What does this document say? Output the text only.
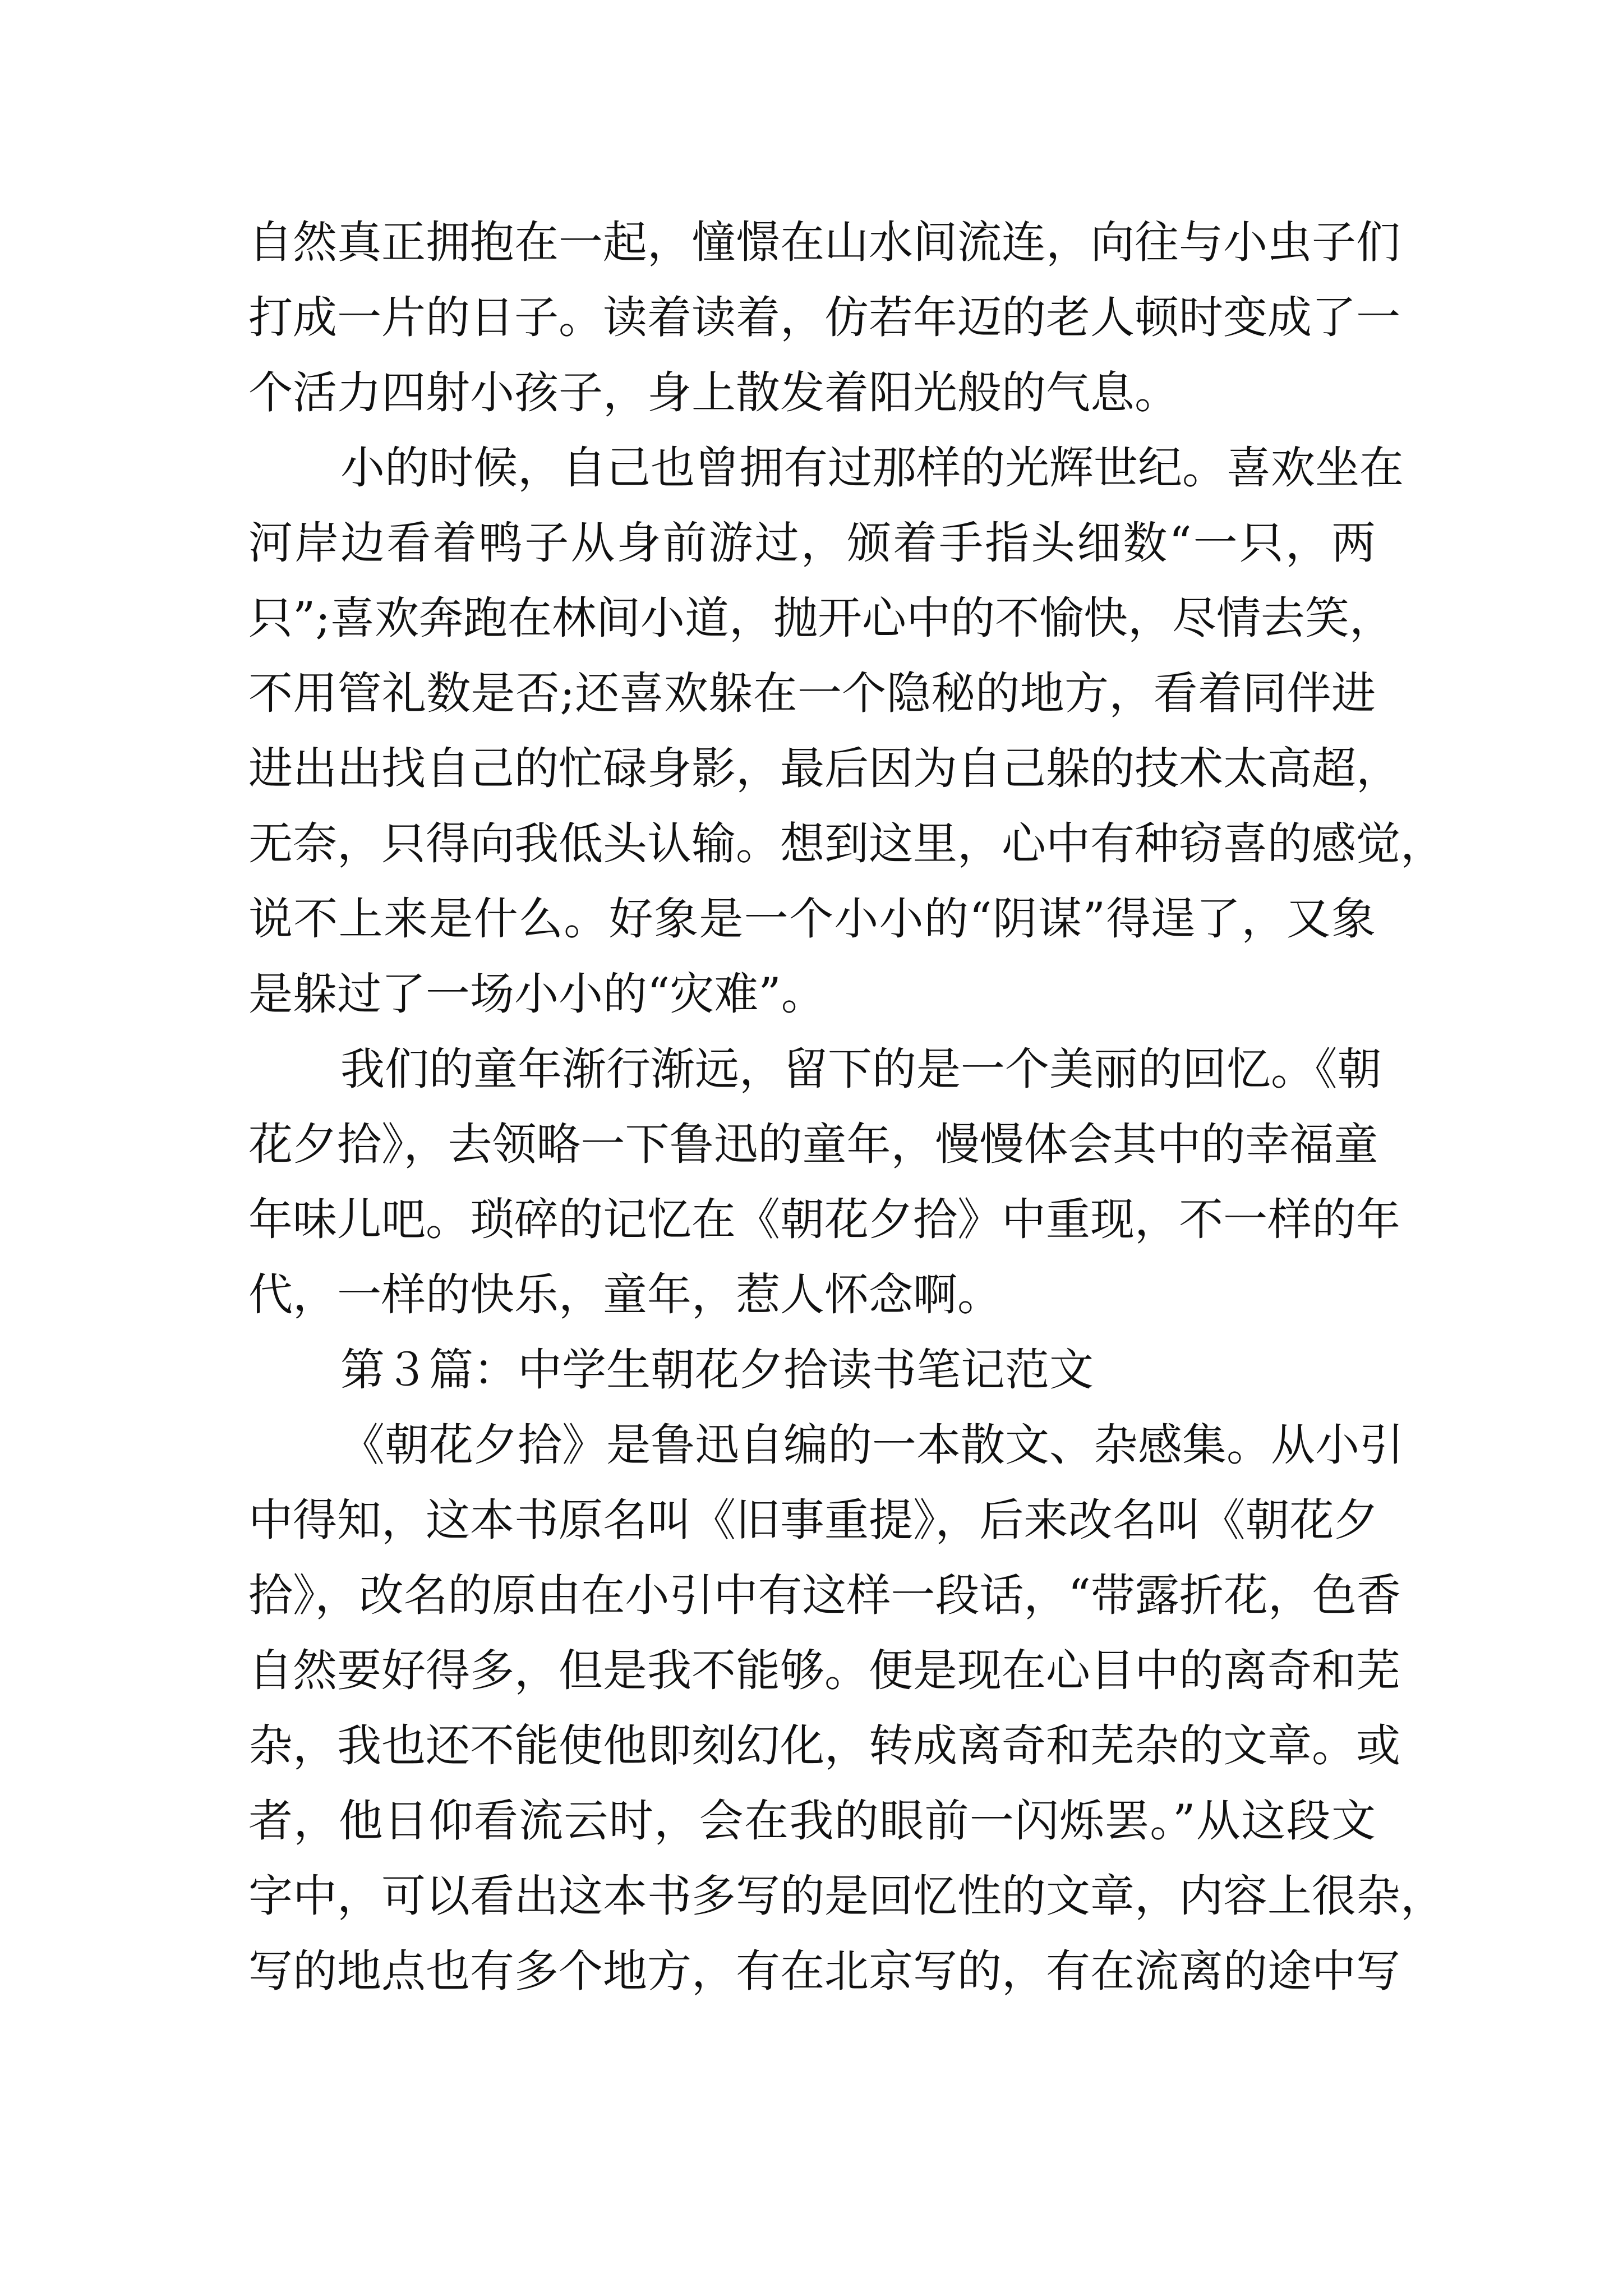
自然真正拥抱在一起，憧憬在山水间流连，向往与小虫子们
打成一片的日子。读着读着，仿若年迈的老人顿时变成了一
个活力四射小孩子，身上散发着阳光般的气息。
小的时候，自己也曾拥有过那样的光辉世纪。喜欢坐在
河岸边看着鸭子从身前游过，颁着手指头细数“一只，两
只”;喜欢奔跑在林间小道，抛开心中的不愉快，尽情去笑，
不用管礼数是否;还喜欢躲在一个隐秘的地方，看着同伴进
进出出找自己的忙碌身影，最后因为自己躲的技术太高超，
无奈，只得向我低头认输。想到这里，心中有种窃喜的感觉，
说不上来是什么。好象是一个小小的“阴谋”得逞了，又象
是躲过了一场小小的“灾难”。
我们的童年渐行渐远，留下的是一个美丽的回忆。《朝
花夕拾》，去领略一下鲁迅的童年，慢慢体会其中的幸福童
年味儿吧。琐碎的记忆在《朝花夕拾》中重现，不一样的年
代，一样的快乐，童年，惹人怀念啊。
第３篇：中学生朝花夕拾读书笔记范文
《朝花夕拾》是鲁迅自编的一本散文、杂感集。从小引
中得知，这本书原名叫《旧事重提》，后来改名叫《朝花夕
拾》，改名的原由在小引中有这样一段话，“带露折花，色香
自然要好得多，但是我不能够。便是现在心目中的离奇和芜
杂，我也还不能使他即刻幻化，转成离奇和芜杂的文章。或
者，他日仰看流云时，会在我的眼前一闪烁罢。”从这段文
字中，可以看出这本书多写的是回忆性的文章，内容上很杂，
写的地点也有多个地方，有在北京写的，有在流离的途中写
